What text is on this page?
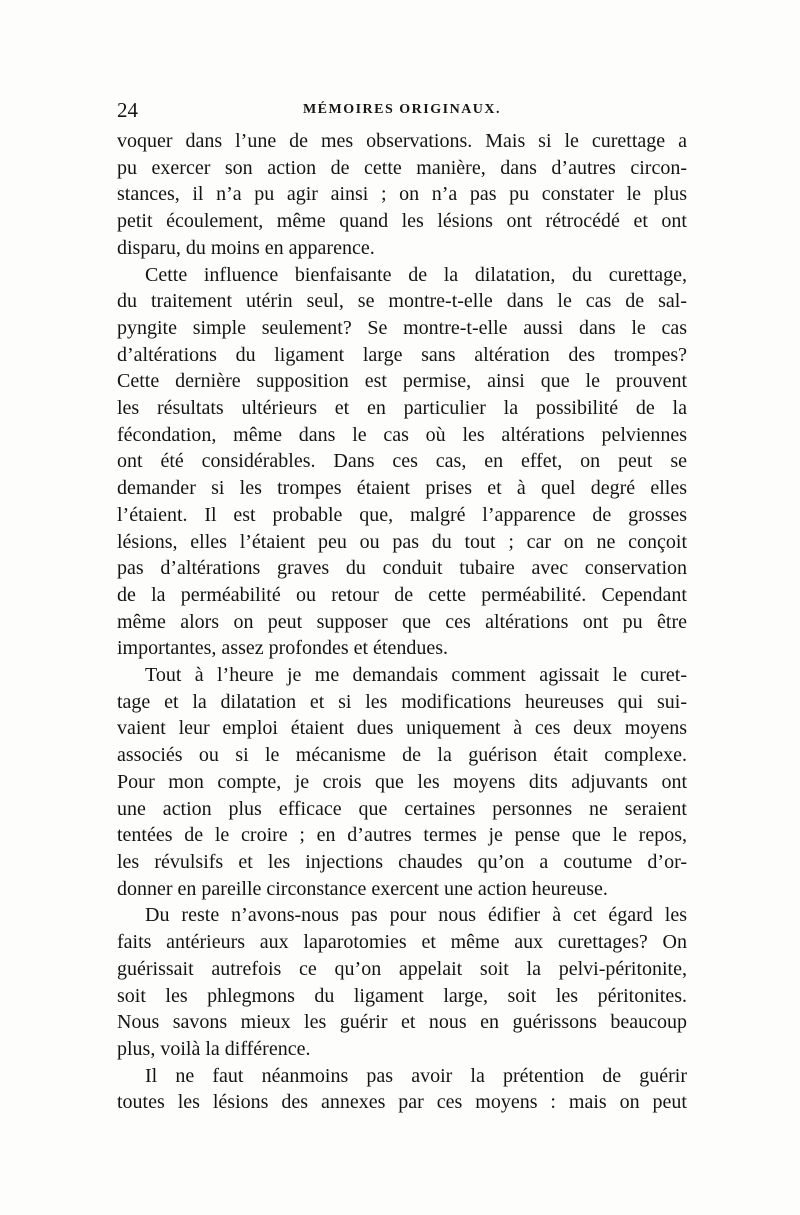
24	MÉMOIRES ORIGINAUX.
voquer dans l’une de mes observations. Mais si le curettage a
pu exercer son action de cette manière, dans d’autres circon-
stances, il n’a pu agir ainsi ; on n’a pas pu constater le plus
petit écoulement, même quand les lésions ont rétrocédé et ont
disparu, du moins en apparence.
Cette influence bienfaisante de la dilatation, du curettage,
du traitement utérin seul, se montre-t-elle dans le cas de sal-
pyngite simple seulement? Se montre-t-elle aussi dans le cas
d’altérations du ligament large sans altération des trompes?
Cette dernière supposition est permise, ainsi que le prouvent
les résultats ultérieurs et en particulier la possibilité de la
fécondation, même dans le cas où les altérations pelviennes
ont été considérables. Dans ces cas, en effet, on peut se
demander si les trompes étaient prises et à quel degré elles
l’étaient. Il est probable que, malgré l’apparence de grosses
lésions, elles l’étaient peu ou pas du tout ; car on ne conçoit
pas d’altérations graves du conduit tubaire avec conservation
de la perméabilité ou retour de cette perméabilité. Cependant
même alors on peut supposer que ces altérations ont pu être
importantes, assez profondes et étendues.
Tout à l’heure je me demandais comment agissait le curet-
tage et la dilatation et si les modifications heureuses qui sui-
vaient leur emploi étaient dues uniquement à ces deux moyens
associés ou si le mécanisme de la guérison était complexe.
Pour mon compte, je crois que les moyens dits adjuvants ont
une action plus efficace que certaines personnes ne seraient
tentées de le croire ; en d’autres termes je pense que le repos,
les révulsifs et les injections chaudes qu’on a coutume d’or-
donner en pareille circonstance exercent une action heureuse.
Du reste n’avons-nous pas pour nous édifier à cet égard les
faits antérieurs aux laparotomies et même aux curettages? On
guérissait autrefois ce qu’on appelait soit la pelvi-péritonite,
soit les phlegmons du ligament large, soit les péritonites.
Nous savons mieux les guérir et nous en guérissons beaucoup
plus, voilà la différence.
Il ne faut néanmoins pas avoir la prétention de guérir
toutes les lésions des annexes par ces moyens : mais on peut
